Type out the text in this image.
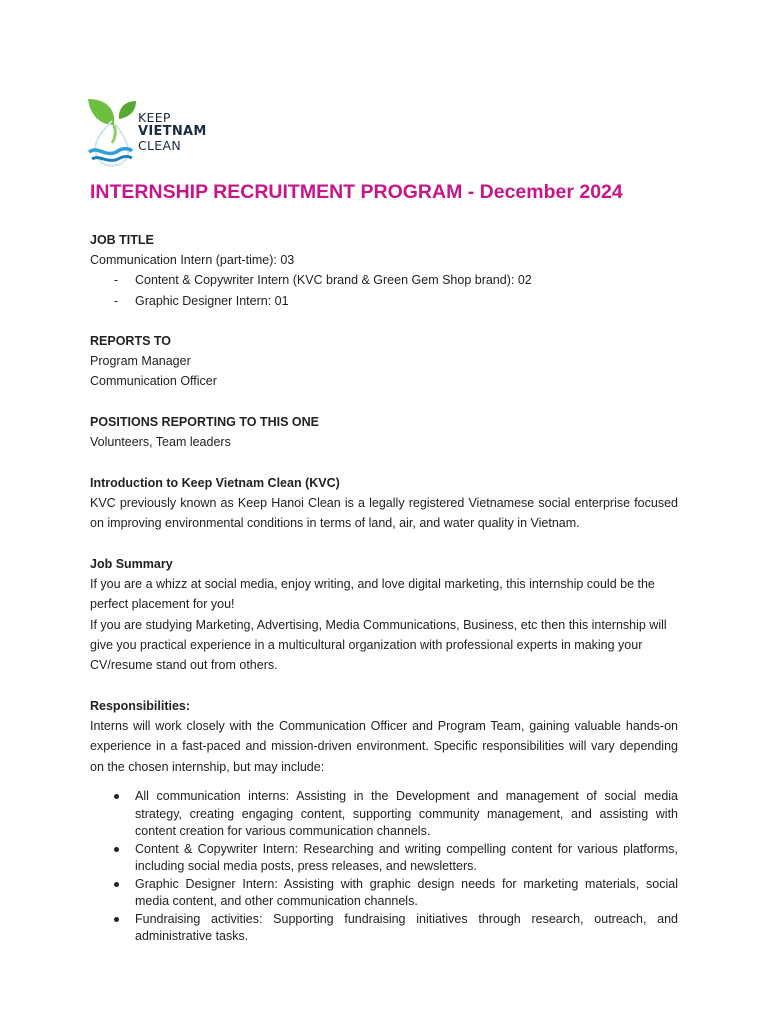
KEEP
VIETNAM
CLEAN
INTERNSHIP RECRUITMENT PROGRAM - December 2024

JOB TITLE

Communication Intern (part-time): 03

- Content & Copywriter Intern (KVC brand & Green Gem Shop brand): 02
- Graphic Designer Intern: 01

REPORTS TO

Program Manager

Communication Officer

POSITIONS REPORTING TO THIS ONE

Volunteers, Team leaders

Introduction to Keep Vietnam Clean (KVC)

KVC previously known as Keep Hanoi Clean is a legally registered Vietnamese social enterprise focused on improving environmental conditions in terms of land, air, and water quality in Vietnam.

Job Summary

If you are a whizz at social media, enjoy writing, and love digital marketing, this internship could be the perfect placement for you!

If you are studying Marketing, Advertising, Media Communications, Business, etc then this internship will give you practical experience in a multicultural organization with professional experts in making your CV/resume stand out from others.

Responsibilities:

Interns will work closely with the Communication Officer and Program Team, gaining valuable hands-on experience in a fast-paced and mission-driven environment. Specific responsibilities will vary depending on the chosen internship, but may include:

All communication interns: Assisting in the Development and management of social media strategy, creating engaging content, supporting community management, and assisting with content creation for various communication channels.
Content & Copywriter Intern: Researching and writing compelling content for various platforms, including social media posts, press releases, and newsletters.
Graphic Designer Intern: Assisting with graphic design needs for marketing materials, social media content, and other communication channels.
Fundraising activities: Supporting fundraising initiatives through research, outreach, and administrative tasks.
